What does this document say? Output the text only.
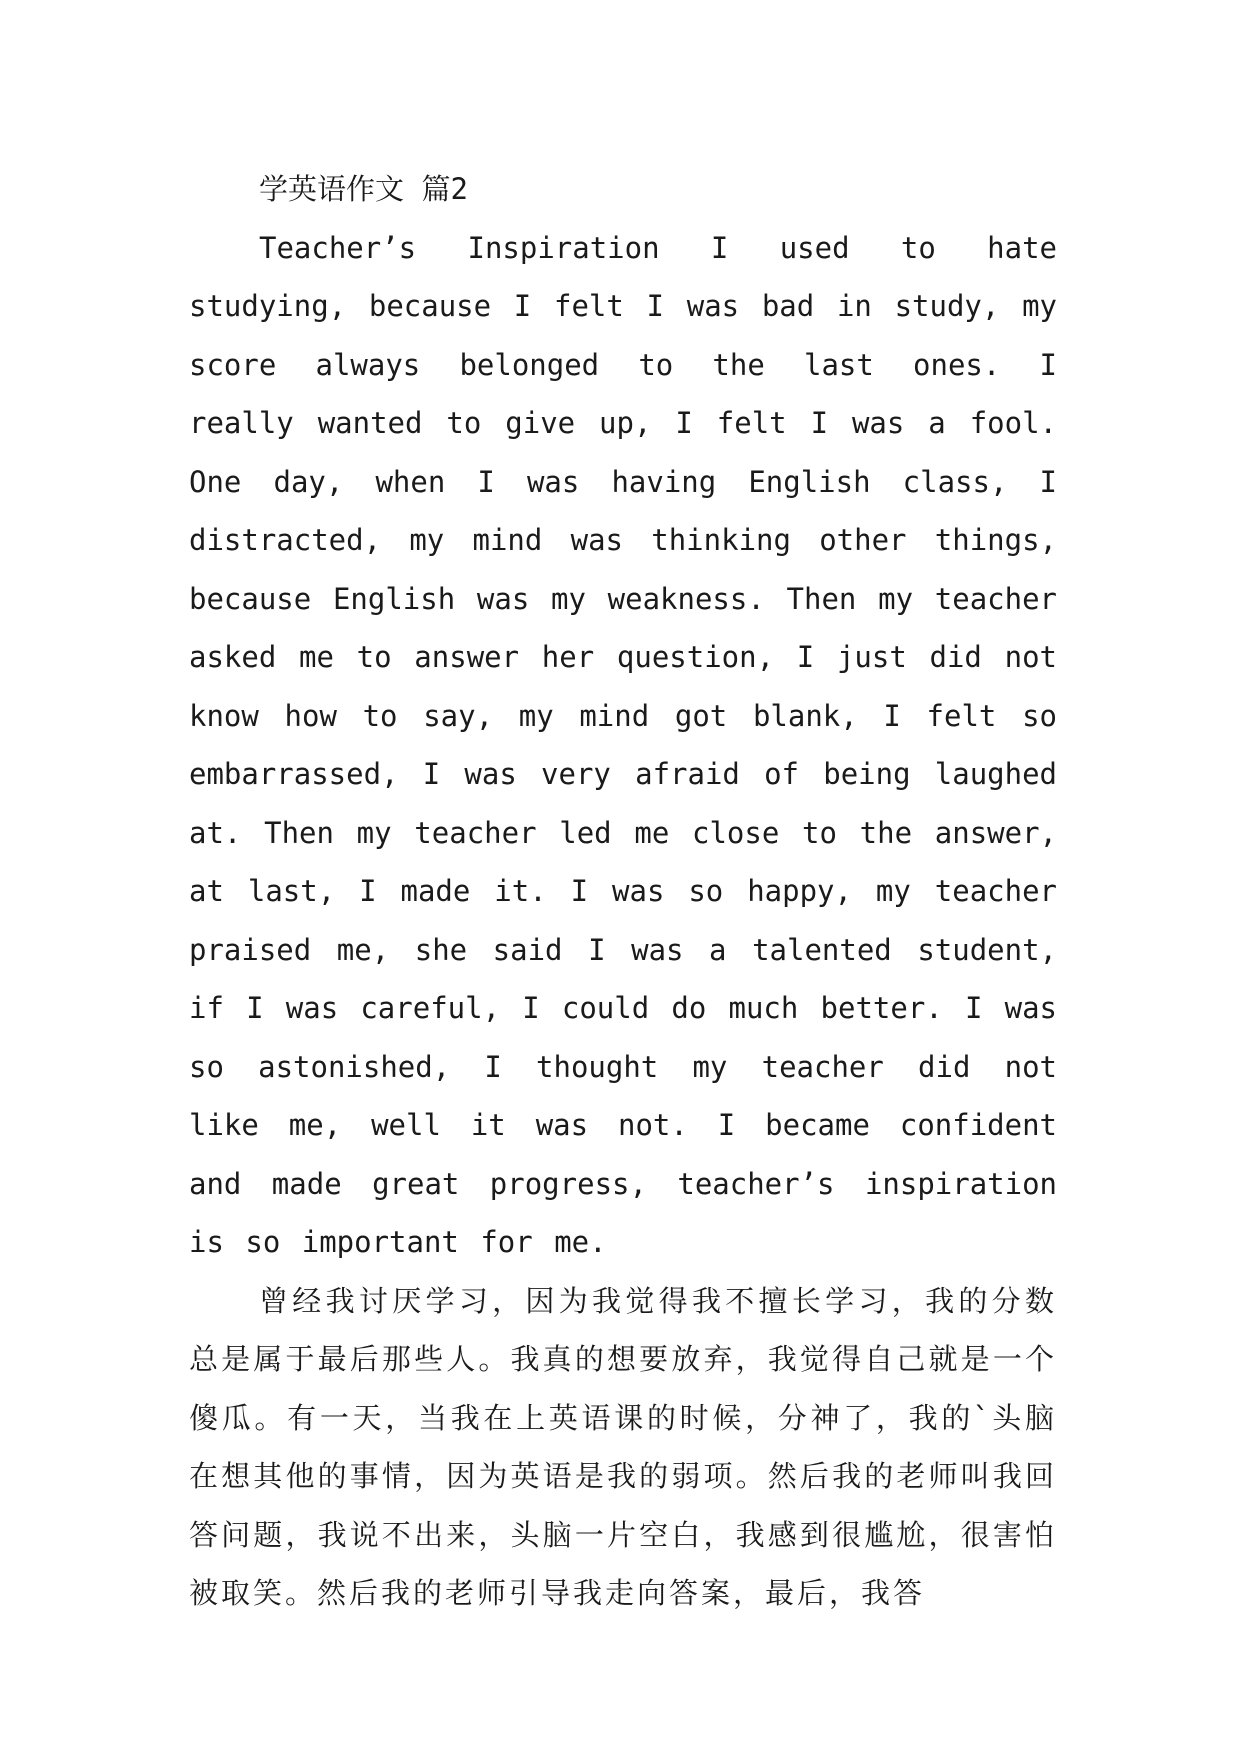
学英语作文 篇2

Teacher’s Inspiration I used to hate studying, because I felt I was bad in study, my score always belonged to the last ones. I really wanted to give up, I felt I was a fool. One day, when I was having English class, I distracted, my mind was thinking other things, because English was my weakness. Then my teacher asked me to answer her question, I just did not know how to say, my mind got blank, I felt so embarrassed, I was very afraid of being laughed at. Then my teacher led me close to the answer, at last, I made it. I was so happy, my teacher praised me, she said I was a talented student, if I was careful, I could do much better. I was so astonished, I thought my teacher did not like me, well it was not. I became confident and made great progress, teacher’s inspiration is so important for me.

曾经我讨厌学习，因为我觉得我不擅长学习，我的分数总是属于最后那些人。我真的想要放弃，我觉得自己就是一个傻瓜。有一天，当我在上英语课的时候，分神了，我的`头脑在想其他的事情，因为英语是我的弱项。然后我的老师叫我回答问题，我说不出来，头脑一片空白，我感到很尴尬，很害怕被取笑。然后我的老师引导我走向答案，最后，我答
